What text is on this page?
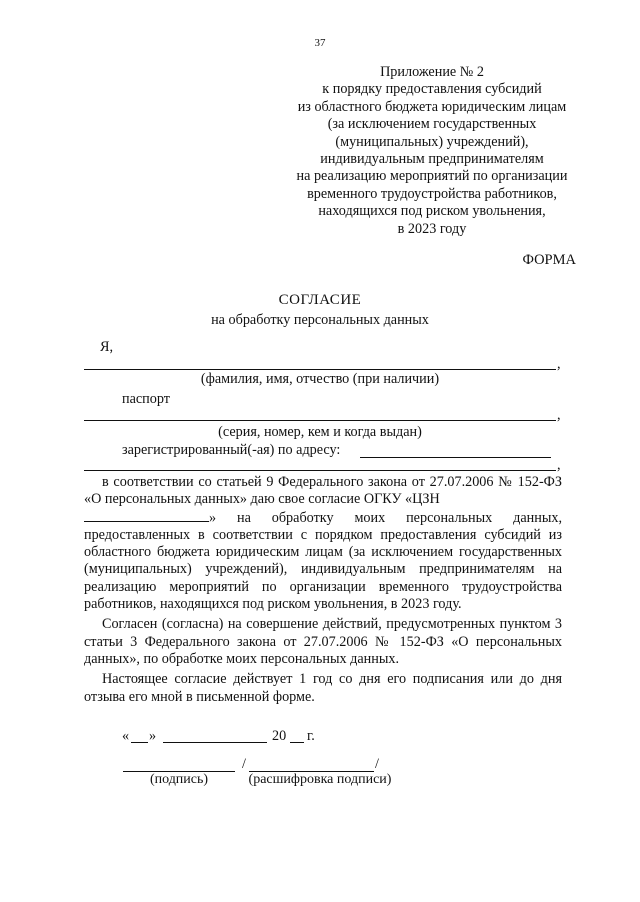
37
Приложение № 2
к порядку предоставления субсидий
из областного бюджета юридическим лицам
(за исключением государственных
(муниципальных) учреждений),
индивидуальным предпринимателям
на реализацию мероприятий по организации
временного трудоустройства работников,
находящихся под риском увольнения,
в 2023 году
ФОРМА
СОГЛАСИЕ
на обработку персональных данных
Я,
,
(фамилия, имя, отчество (при наличии)
паспорт
,
(серия, номер, кем и когда выдан)
зарегистрированный(-ая) по адресу:
,

в соответствии со статьей 9 Федерального закона от 27.07.2006 № 152-ФЗ «О персональных данных» даю свое согласие ОГКУ «ЦЗН
» на обработку моих персональных данных, предоставленных в соответствии с порядком предоставления субсидий из областного бюджета юридическим лицам (за исключением государственных (муниципальных) учреждений), индивидуальным предпринимателям на реализацию мероприятий по организации временного трудоустройства работников, находящихся под риском увольнения, в 2023 году.

Согласен (согласна) на совершение действий, предусмотренных пунктом 3 статьи 3 Федерального закона от 27.07.2006 № 152-ФЗ «О персональных данных», по обработке моих персональных данных.

Настоящее согласие действует 1 год со дня его подписания или до дня отзыва его мной в письменной форме.

« »	20 г.
/	/
(подпись)	(расшифровка подписи)
